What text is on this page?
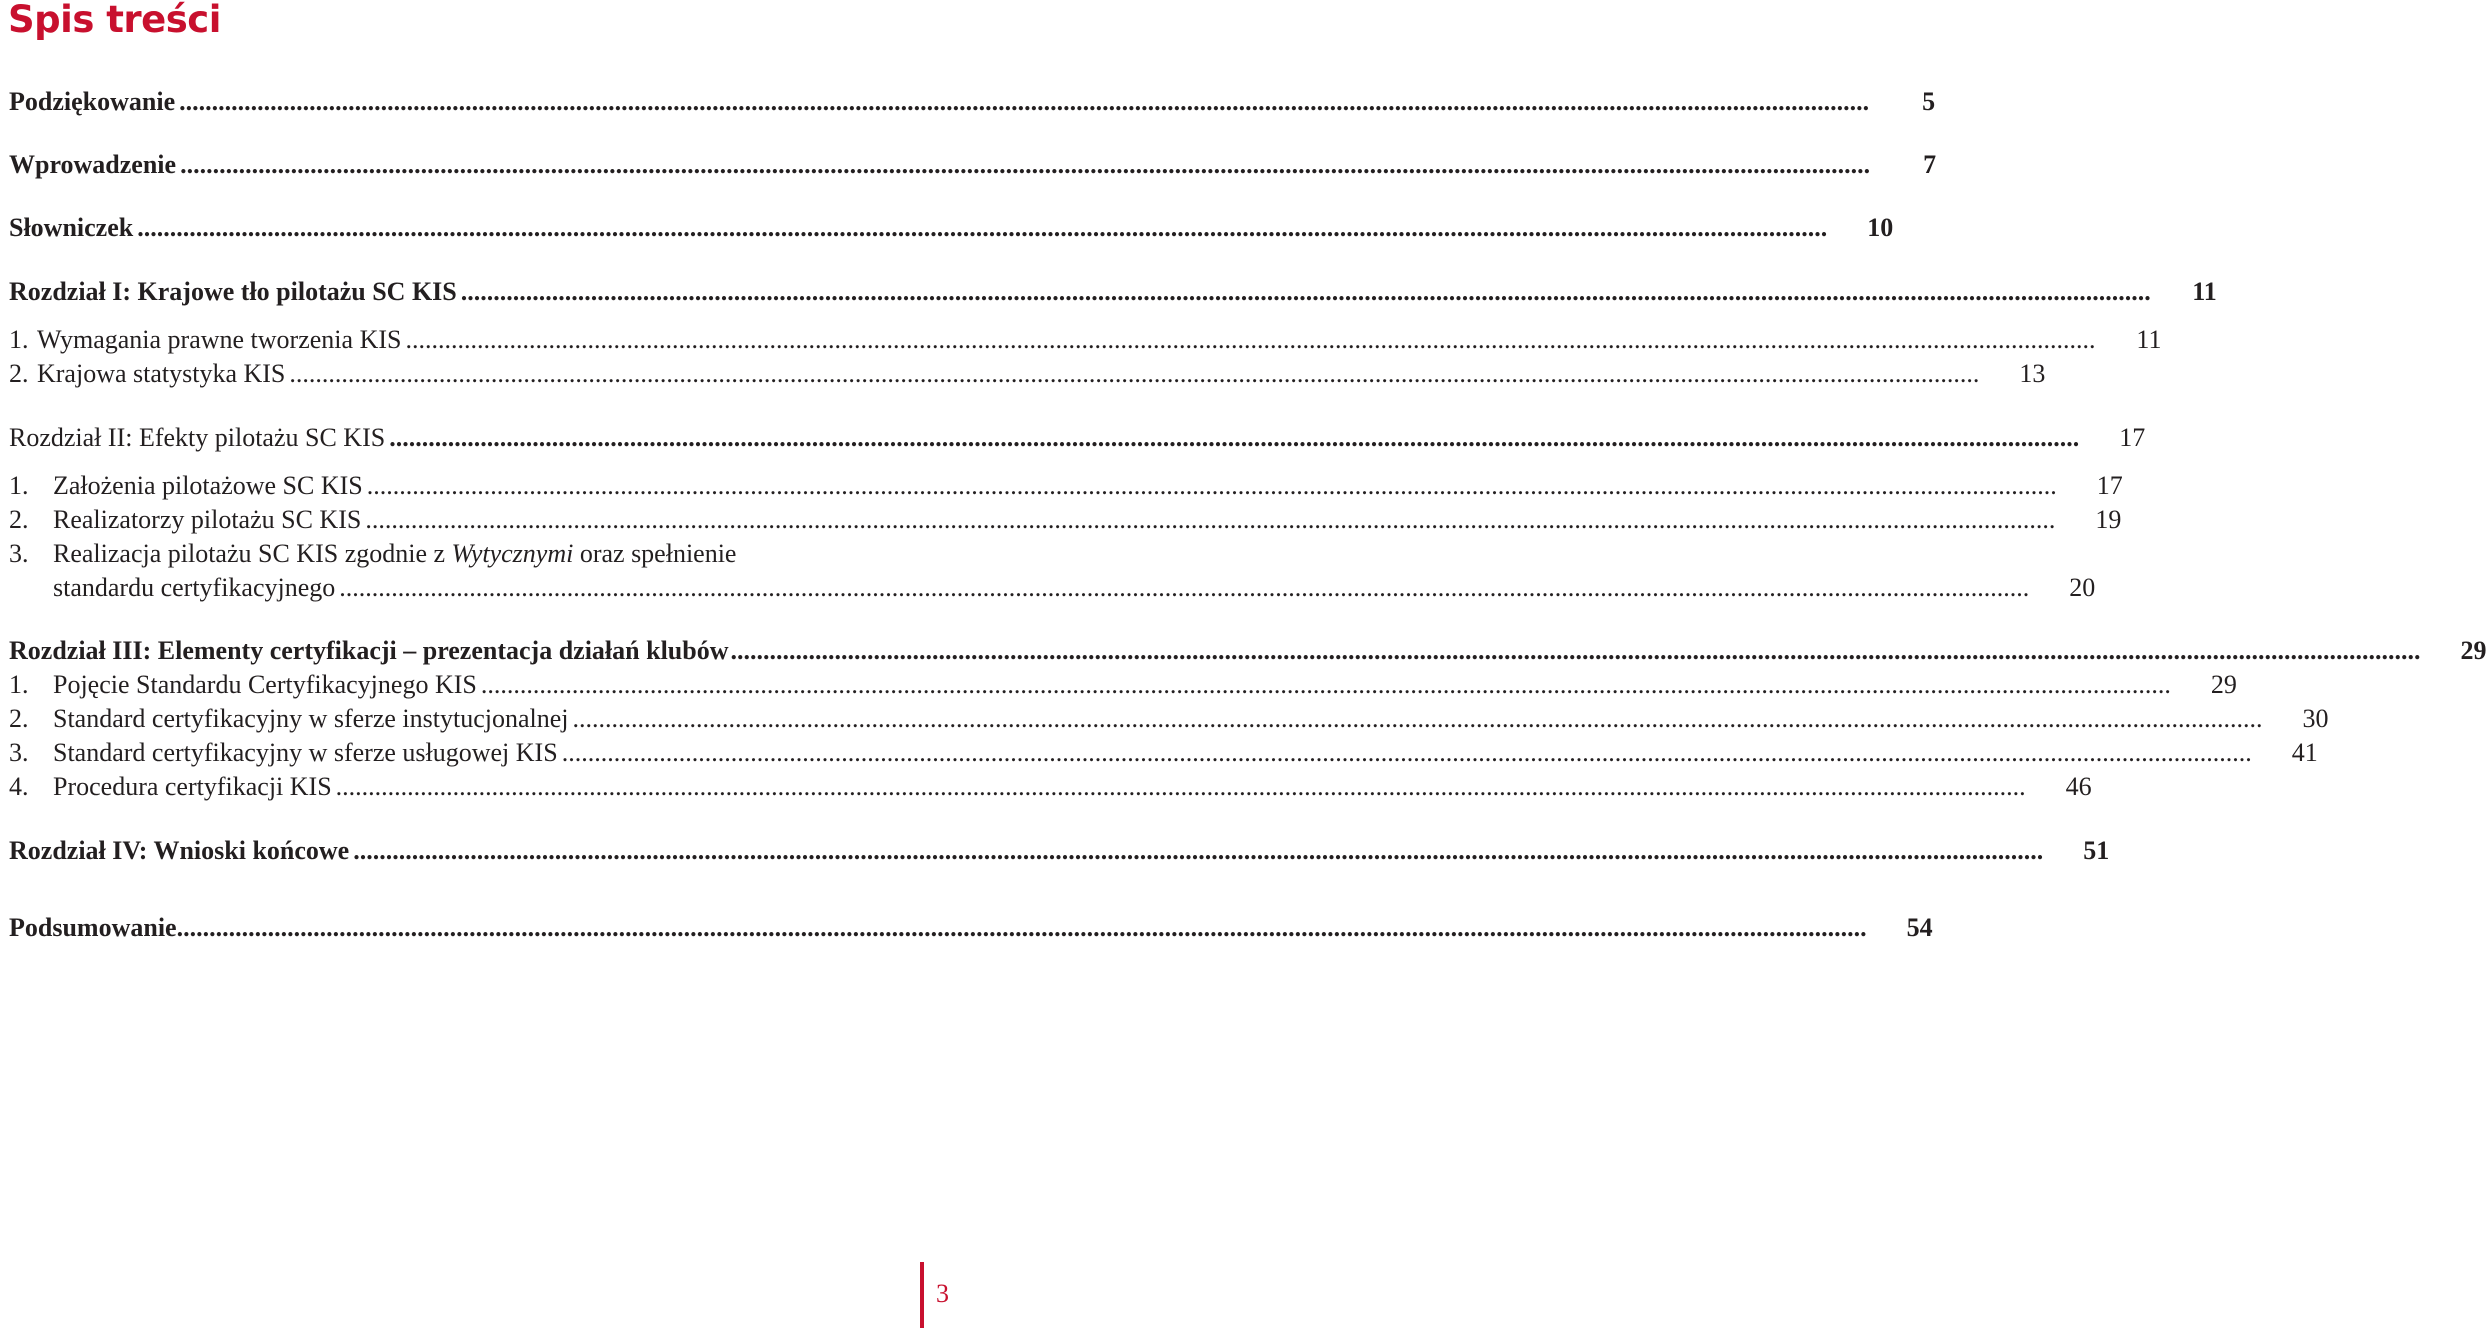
Spis treści
Podziękowanie .....	5
Wprowadzenie .....	7
Słowniczek .....	10
Rozdział I: Krajowe tło pilotażu SC KIS .....	11
1. Wymagania prawne tworzenia KIS .....	11
2. Krajowa statystyka KIS .....	13
Rozdział II: Efekty pilotażu SC KIS .....	17
1. Założenia pilotażowe SC KIS .....	17
2. Realizatorzy pilotażu SC KIS .....	19
3. Realizacja pilotażu SC KIS zgodnie z Wytycznymi oraz spełnienie
standardu certyfikacyjnego .....	20
Rozdział III: Elementy certyfikacji – prezentacja działań klubów .....	29
1. Pojęcie Standardu Certyfikacyjnego KIS .....	29
2. Standard certyfikacyjny w sferze instytucjonalnej .....	30
3. Standard certyfikacyjny w sferze usługowej KIS .....	41
4. Procedura certyfikacji KIS .....	46
Rozdział IV: Wnioski końcowe .....	51
Podsumowanie .....	54
3
